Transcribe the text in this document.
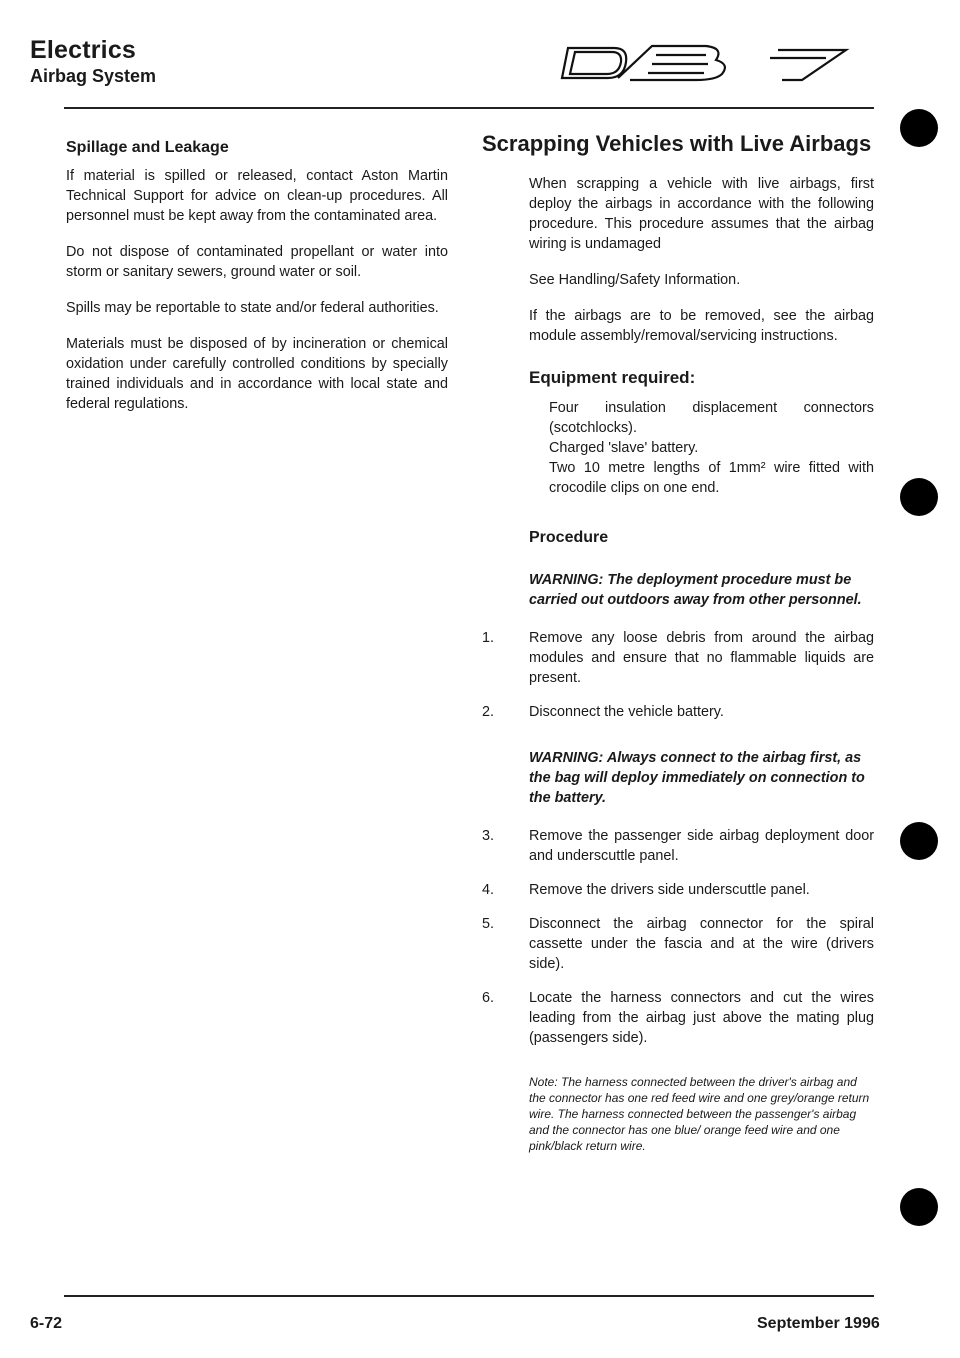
Electrics
Airbag System
Spillage and Leakage

If material is spilled or released, contact Aston Martin Technical Support for advice on clean-up procedures. All personnel must be kept away from the contaminated area.

Do not dispose of contaminated propellant or water into storm or sanitary sewers, ground water or soil.

Spills may be reportable to state and/or federal authorities.

Materials must be disposed of by incineration or chemical oxidation under carefully controlled conditions by specially trained individuals and in accordance with local state and federal regulations.

Scrapping Vehicles with Live Airbags

When scrapping a vehicle with live airbags, first deploy the airbags in accordance with the following procedure. This procedure assumes that the airbag wiring is undamaged

See Handling/Safety Information.

If the airbags are to be removed, see the airbag module assembly/removal/servicing instructions.

Equipment required:
Four insulation displacement connectors (scotchlocks).
Charged 'slave' battery.
Two 10 metre lengths of 1mm² wire fitted with crocodile clips on one end.
Procedure
WARNING: The deployment procedure must be carried out outdoors away from other personnel.
1. Remove any loose debris from around the airbag modules and ensure that no flammable liquids are present.
2. Disconnect the vehicle battery.
WARNING: Always connect to the airbag first, as the bag will deploy immediately on connection to the battery.
3. Remove the passenger side airbag deployment door and underscuttle panel.
4. Remove the drivers side underscuttle panel.
5. Disconnect the airbag connector for the spiral cassette under the fascia and at the wire (drivers side).
6. Locate the harness connectors and cut the wires leading from the airbag just above the mating plug (passengers side).
Note: The harness connected between the driver's airbag and the connector has one red feed wire and one grey/orange return wire. The harness connected between the passenger's airbag and the connector has one blue/ orange feed wire and one pink/black return wire.
6-72	September 1996
